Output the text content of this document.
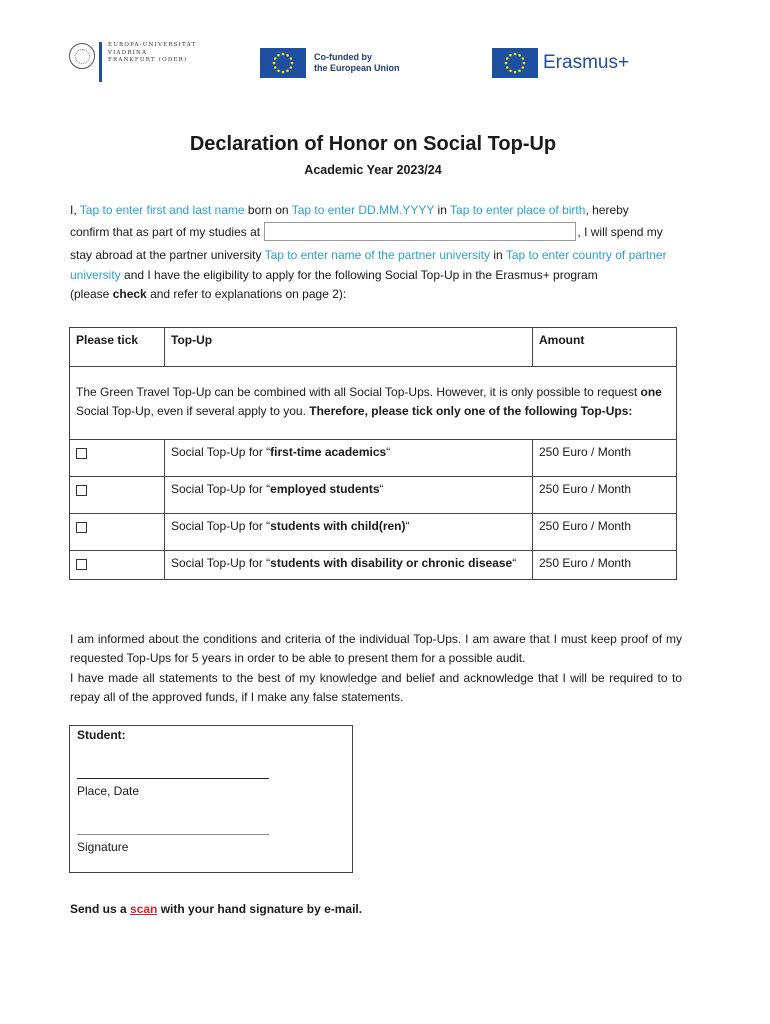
EUROPA-UNIVERSITÄT
VIADRINA
FRANKFURT (ODER)	Co-funded by
the European Union	Erasmus+
Declaration of Honor on Social Top-Up
Academic Year 2023/24
I, Tap to enter first and last name born on Tap to enter DD.MM.YYYY in Tap to enter place of birth, hereby
confirm that as part of my studies at	, I will spend my
stay abroad at the partner university Tap to enter name of the partner university in Tap to enter country of partner university and I have the eligibility to apply for the following Social Top-Up in the Erasmus+ program
(please check and refer to explanations on page 2):
Please tick	Top-Up	Amount
The Green Travel Top-Up can be combined with all Social Top-Ups. However, it is only possible to request one Social Top-Up, even if several apply to you. Therefore, please tick only one of the following Top-Ups:		
	Social Top-Up for “first-time academics“	250 Euro / Month
	Social Top-Up for “employed students“	250 Euro / Month
	Social Top-Up for “students with child(ren)“	250 Euro / Month
	Social Top-Up for “students with disability or chronic disease“	250 Euro / Month
I am informed about the conditions and criteria of the individual Top-Ups. I am aware that I must keep proof of my requested Top-Ups for 5 years in order to be able to present them for a possible audit.
I have made all statements to the best of my knowledge and belief and acknowledge that I will be required to to repay all of the approved funds, if I make any false statements.
Student:
Place, Date
Signature
Send us a scan with your hand signature by e-mail.
